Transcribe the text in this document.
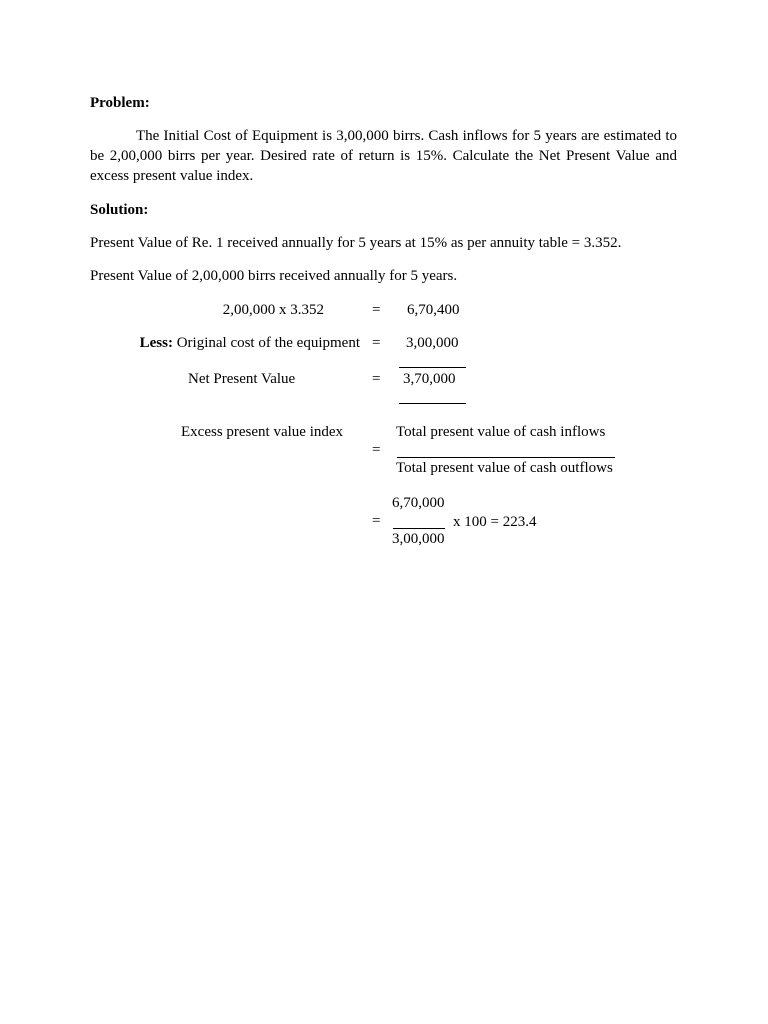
Problem:
The Initial Cost of Equipment is 3,00,000 birrs. Cash inflows for 5 years are estimated to be 2,00,000 birrs per year. Desired rate of return is 15%. Calculate the Net Present Value and excess present value index.
Solution:
Present Value of Re. 1 received annually for 5 years at 15% as per annuity table = 3.352.
Present Value of 2,00,000 birrs received annually for 5 years.
2,00,000 x 3.352	= 6,70,400
Less: Original cost of the equipment = 3,00,000
Net Present Value	= 3,70,000
Excess present value index	Total present value of cash inflows
=
Total present value of cash outflows
6,70,000
=	x 100 = 223.4
3,00,000
